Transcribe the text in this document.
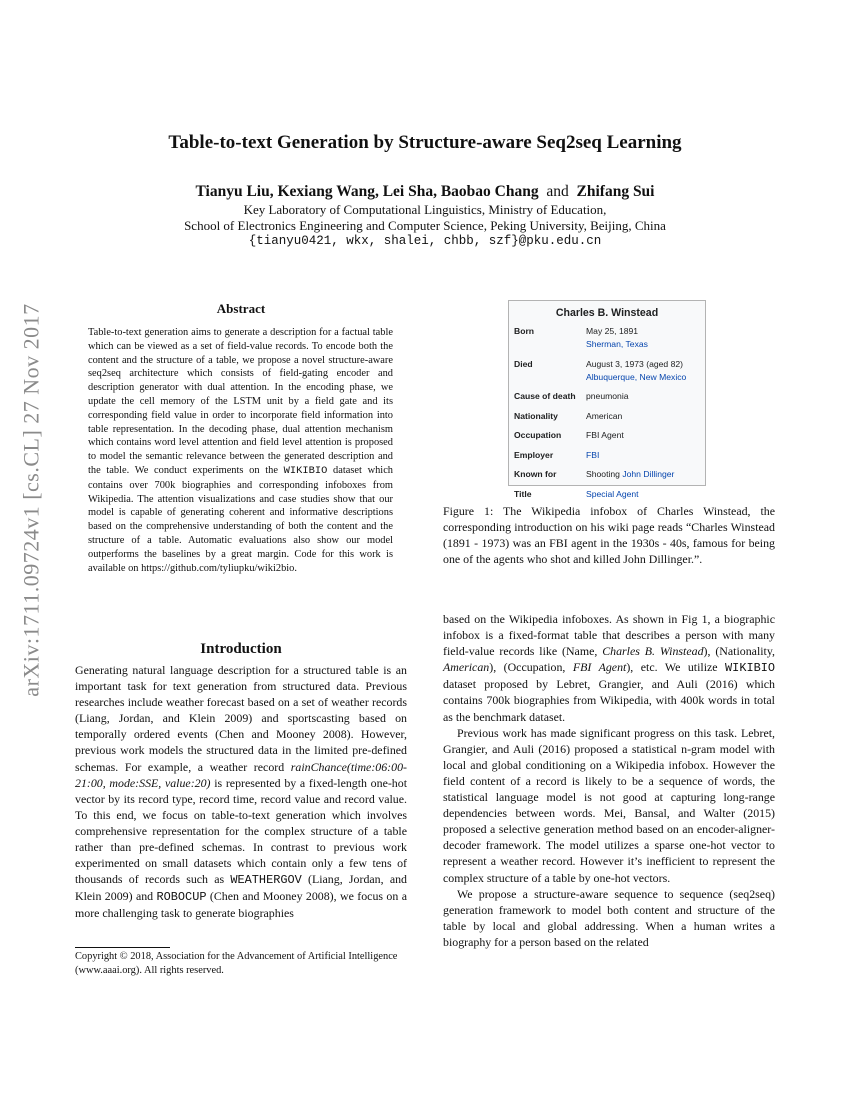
arXiv:1711.09724v1 [cs.CL] 27 Nov 2017
Table-to-text Generation by Structure-aware Seq2seq Learning
Tianyu Liu, Kexiang Wang, Lei Sha, Baobao Chang and Zhifang Sui
Key Laboratory of Computational Linguistics, Ministry of Education,
School of Electronics Engineering and Computer Science, Peking University, Beijing, China
{tianyu0421, wkx, shalei, chbb, szf}@pku.edu.cn
Abstract

Table-to-text generation aims to generate a description for a factual table which can be viewed as a set of field-value records. To encode both the content and the structure of a table, we propose a novel structure-aware seq2seq architecture which consists of field-gating encoder and description generator with dual attention. In the encoding phase, we update the cell memory of the LSTM unit by a field gate and its corresponding field value in order to incorporate field information into table representation. In the decoding phase, dual attention mechanism which contains word level attention and field level attention is proposed to model the semantic relevance between the generated description and the table. We conduct experiments on the WIKIBIO dataset which contains over 700k biographies and corresponding infoboxes from Wikipedia. The attention visualizations and case studies show that our model is capable of generating coherent and informative descriptions based on the comprehensive understanding of both the content and the structure of a table. Automatic evaluations also show our model outperforms the baselines by a great margin. Code for this work is available on https://github.com/tyliupku/wiki2bio.

Introduction

Generating natural language description for a structured table is an important task for text generation from structured data. Previous researches include weather forecast based on a set of weather records (Liang, Jordan, and Klein 2009) and sportscasting based on temporally ordered events (Chen and Mooney 2008). However, previous work models the structured data in the limited pre-defined schemas. For example, a weather record rainChance(time:06:00-21:00, mode:SSE, value:20) is represented by a fixed-length one-hot vector by its record type, record time, record value and record value. To this end, we focus on table-to-text generation which involves comprehensive representation for the complex structure of a table rather than pre-defined schemas. In contrast to previous work experimented on small datasets which contain only a few tens of thousands of records such as WEATHERGOV (Liang, Jordan, and Klein 2009) and ROBOCUP (Chen and Mooney 2008), we focus on a more challenging task to generate biographies

Copyright © 2018, Association for the Advancement of Artificial Intelligence (www.aaai.org). All rights reserved.

Charles B. Winstead
Born	May 25, 1891
Sherman, Texas
Died	August 3, 1973 (aged 82)
Albuquerque, New Mexico
Cause of death	pneumonia
Nationality	American
Occupation	FBI Agent
Employer	FBI
Known for	Shooting John Dillinger
Title	Special Agent

Figure 1: The Wikipedia infobox of Charles Winstead, the corresponding introduction on his wiki page reads “Charles Winstead (1891 - 1973) was an FBI agent in the 1930s - 40s, famous for being one of the agents who shot and killed John Dillinger.”.

based on the Wikipedia infoboxes. As shown in Fig 1, a biographic infobox is a fixed-format table that describes a person with many field-value records like (Name, Charles B. Winstead), (Nationality, American), (Occupation, FBI Agent), etc. We utilize WIKIBIO dataset proposed by Lebret, Grangier, and Auli (2016) which contains 700k biographies from Wikipedia, with 400k words in total as the benchmark dataset.

Previous work has made significant progress on this task. Lebret, Grangier, and Auli (2016) proposed a statistical n-gram model with local and global conditioning on a Wikipedia infobox. However the field content of a record is likely to be a sequence of words, the statistical language model is not good at capturing long-range dependencies between words. Mei, Bansal, and Walter (2015) proposed a selective generation method based on an encoder-aligner-decoder framework. The model utilizes a sparse one-hot vector to represent a weather record. However it’s inefficient to represent the complex structure of a table by one-hot vectors.

We propose a structure-aware sequence to sequence (seq2seq) generation framework to model both content and structure of the table by local and global addressing. When a human writes a biography for a person based on the related
